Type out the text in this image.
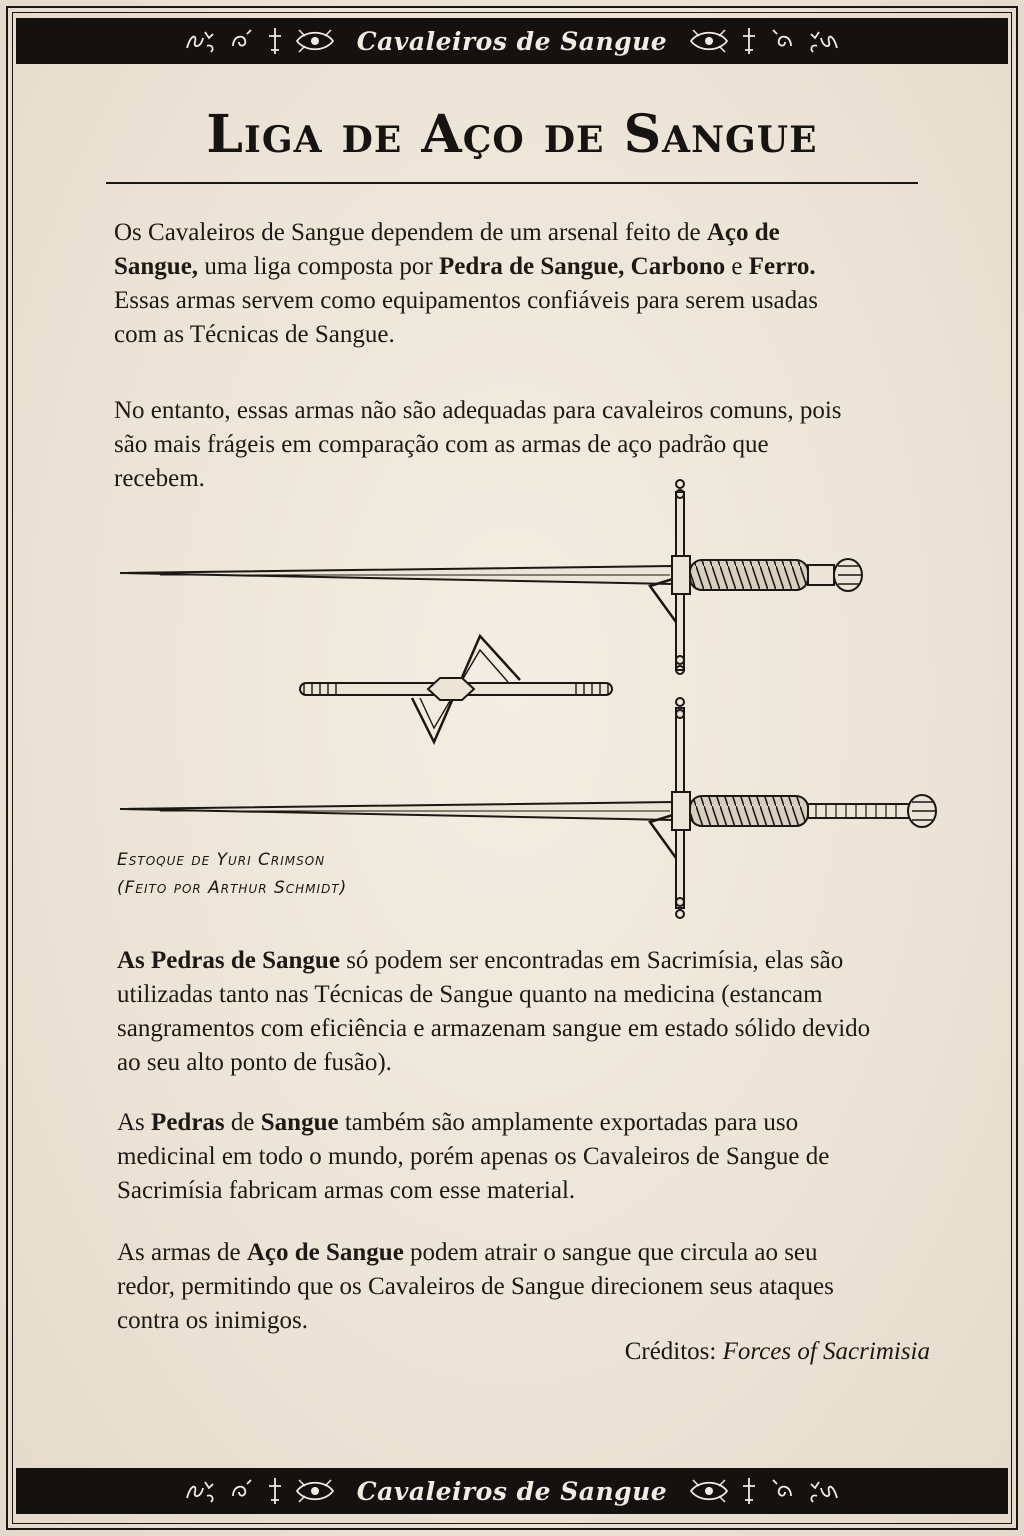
Cavaleiros de Sangue
Liga de Aço de Sangue

Os Cavaleiros de Sangue dependem de um arsenal feito de Aço de Sangue, uma liga composta por Pedra de Sangue, Carbono e Ferro. Essas armas servem como equipamentos confiáveis para serem usadas com as Técnicas de Sangue.

No entanto, essas armas não são adequadas para cavaleiros comuns, pois são mais frágeis em comparação com as armas de aço padrão que recebem.

Estoque de Yuri Crimson
(Feito por Arthur Schmidt)

As Pedras de Sangue só podem ser encontradas em Sacrimísia, elas são utilizadas tanto nas Técnicas de Sangue quanto na medicina (estancam sangramentos com eficiência e armazenam sangue em estado sólido devido ao seu alto ponto de fusão).

As Pedras de Sangue também são amplamente exportadas para uso medicinal em todo o mundo, porém apenas os Cavaleiros de Sangue de Sacrimísia fabricam armas com esse material.

As armas de Aço de Sangue podem atrair o sangue que circula ao seu redor, permitindo que os Cavaleiros de Sangue direcionem seus ataques contra os inimigos.

Créditos: Forces of Sacrimisia
Cavaleiros de Sangue
